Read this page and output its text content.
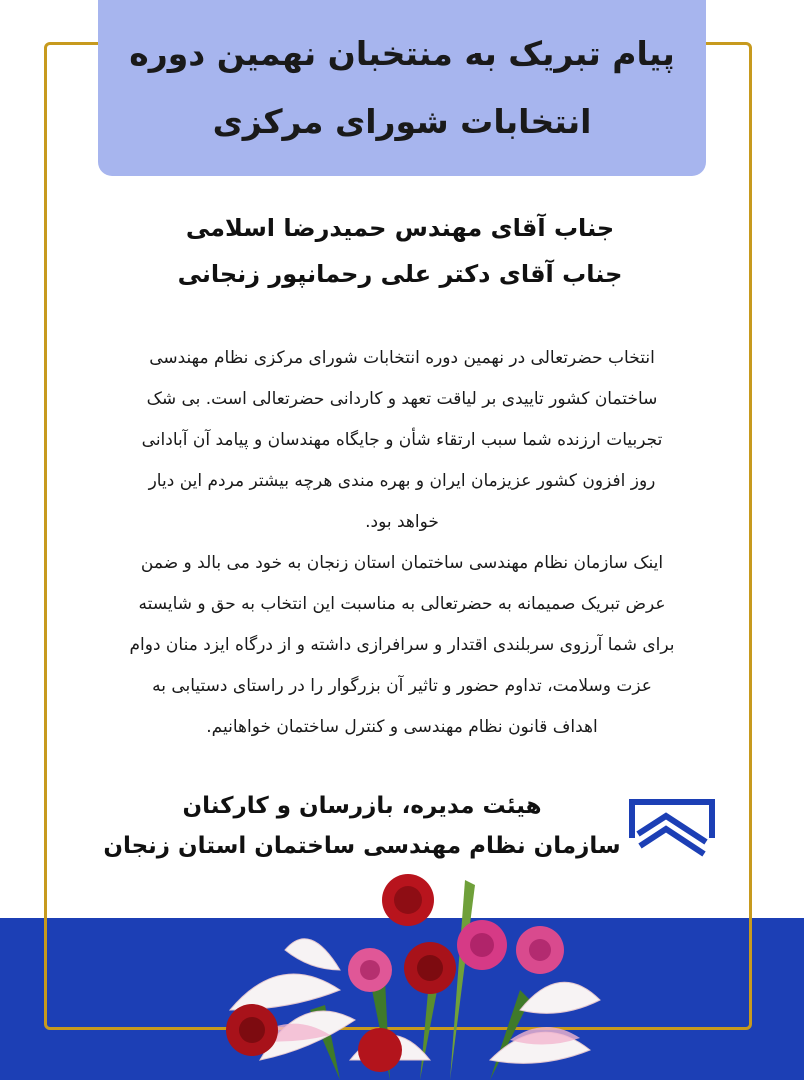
پیام تبریک به منتخبان نهمین دوره
انتخابات شورای مرکزی
جناب آقای مهندس حمیدرضا اسلامی
جناب آقای دکتر علی رحمانپور زنجانی
انتخاب حضرتعالی در نهمین دوره انتخابات شورای مرکزی نظام مهندسی
ساختمان کشور تاییدی بر لیاقت تعهد و کاردانی حضرتعالی است. بی شک
تجربیات ارزنده شما سبب ارتقاء شأن و جایگاه مهندسان و پیامد آن آبادانی
روز افزون کشور عزیزمان ایران و بهره مندی هرچه بیشتر مردم این دیار
خواهد بود.
اینک سازمان نظام مهندسی ساختمان استان زنجان به خود می بالد و ضمن
عرض تبریک صمیمانه به حضرتعالی به مناسبت این انتخاب به حق و شایسته
برای شما آرزوی سربلندی اقتدار و سرافرازی داشته و از درگاه ایزد منان دوام
عزت وسلامت، تداوم حضور و تاثیر آن بزرگوار را در راستای دستیابی به
اهداف قانون نظام مهندسی و کنترل ساختمان خواهانیم.
هیئت مدیره، بازرسان و کارکنان
سازمان نظام مهندسی ساختمان استان زنجان
